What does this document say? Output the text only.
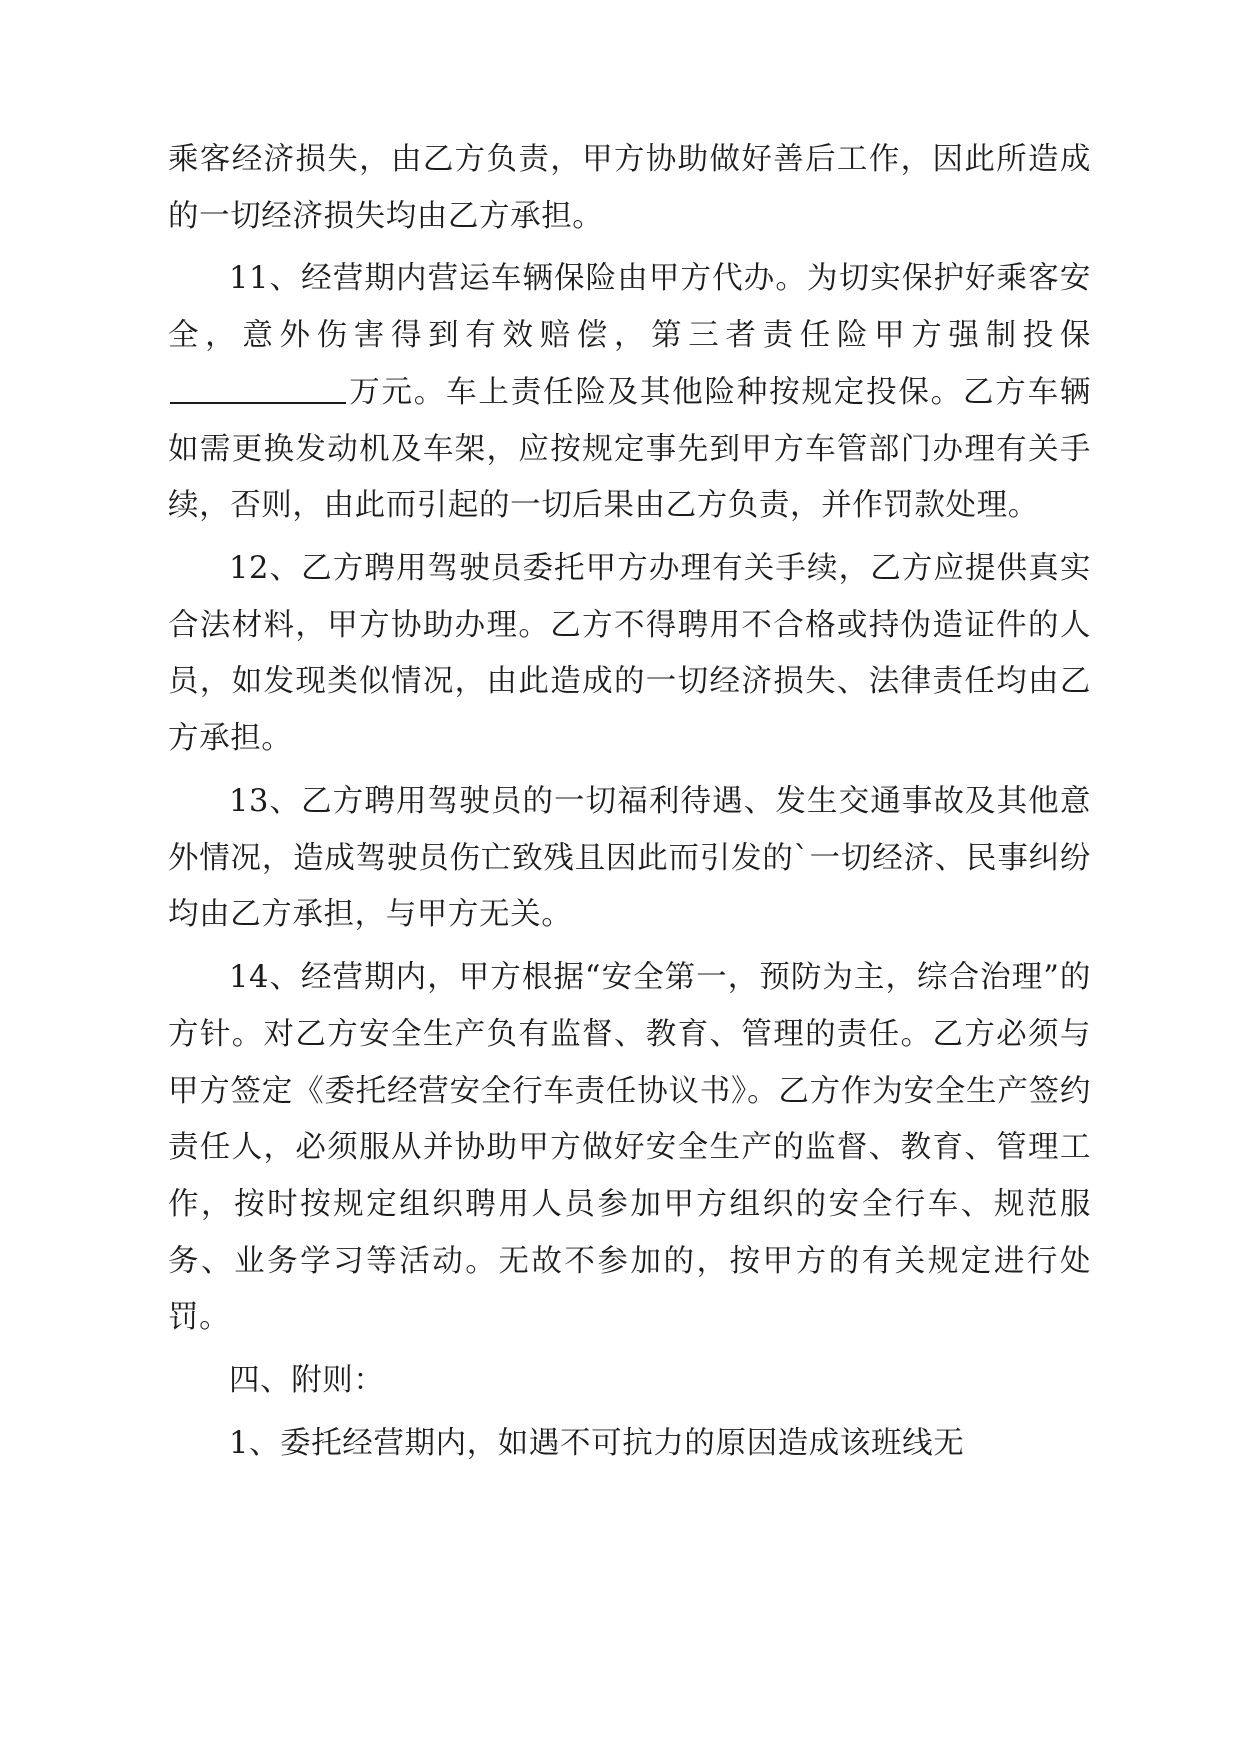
乘客经济损失，由乙方负责，甲方协助做好善后工作，因此所造成的一切经济损失均由乙方承担。

11、经营期内营运车辆保险由甲方代办。为切实保护好乘客安全，意外伤害得到有效赔偿，第三者责任险甲方强制投保万元。车上责任险及其他险种按规定投保。乙方车辆如需更换发动机及车架，应按规定事先到甲方车管部门办理有关手续，否则，由此而引起的一切后果由乙方负责，并作罚款处理。

12、乙方聘用驾驶员委托甲方办理有关手续，乙方应提供真实合法材料，甲方协助办理。乙方不得聘用不合格或持伪造证件的人员，如发现类似情况，由此造成的一切经济损失、法律责任均由乙方承担。

13、乙方聘用驾驶员的一切福利待遇、发生交通事故及其他意外情况，造成驾驶员伤亡致残且因此而引发的`一切经济、民事纠纷均由乙方承担，与甲方无关。

14、经营期内，甲方根据“安全第一，预防为主，综合治理”的方针。对乙方安全生产负有监督、教育、管理的责任。乙方必须与甲方签定《委托经营安全行车责任协议书》。乙方作为安全生产签约责任人，必须服从并协助甲方做好安全生产的监督、教育、管理工作，按时按规定组织聘用人员参加甲方组织的安全行车、规范服务、业务学习等活动。无故不参加的，按甲方的有关规定进行处罚。

四、附则：

1、委托经营期内，如遇不可抗力的原因造成该班线无
